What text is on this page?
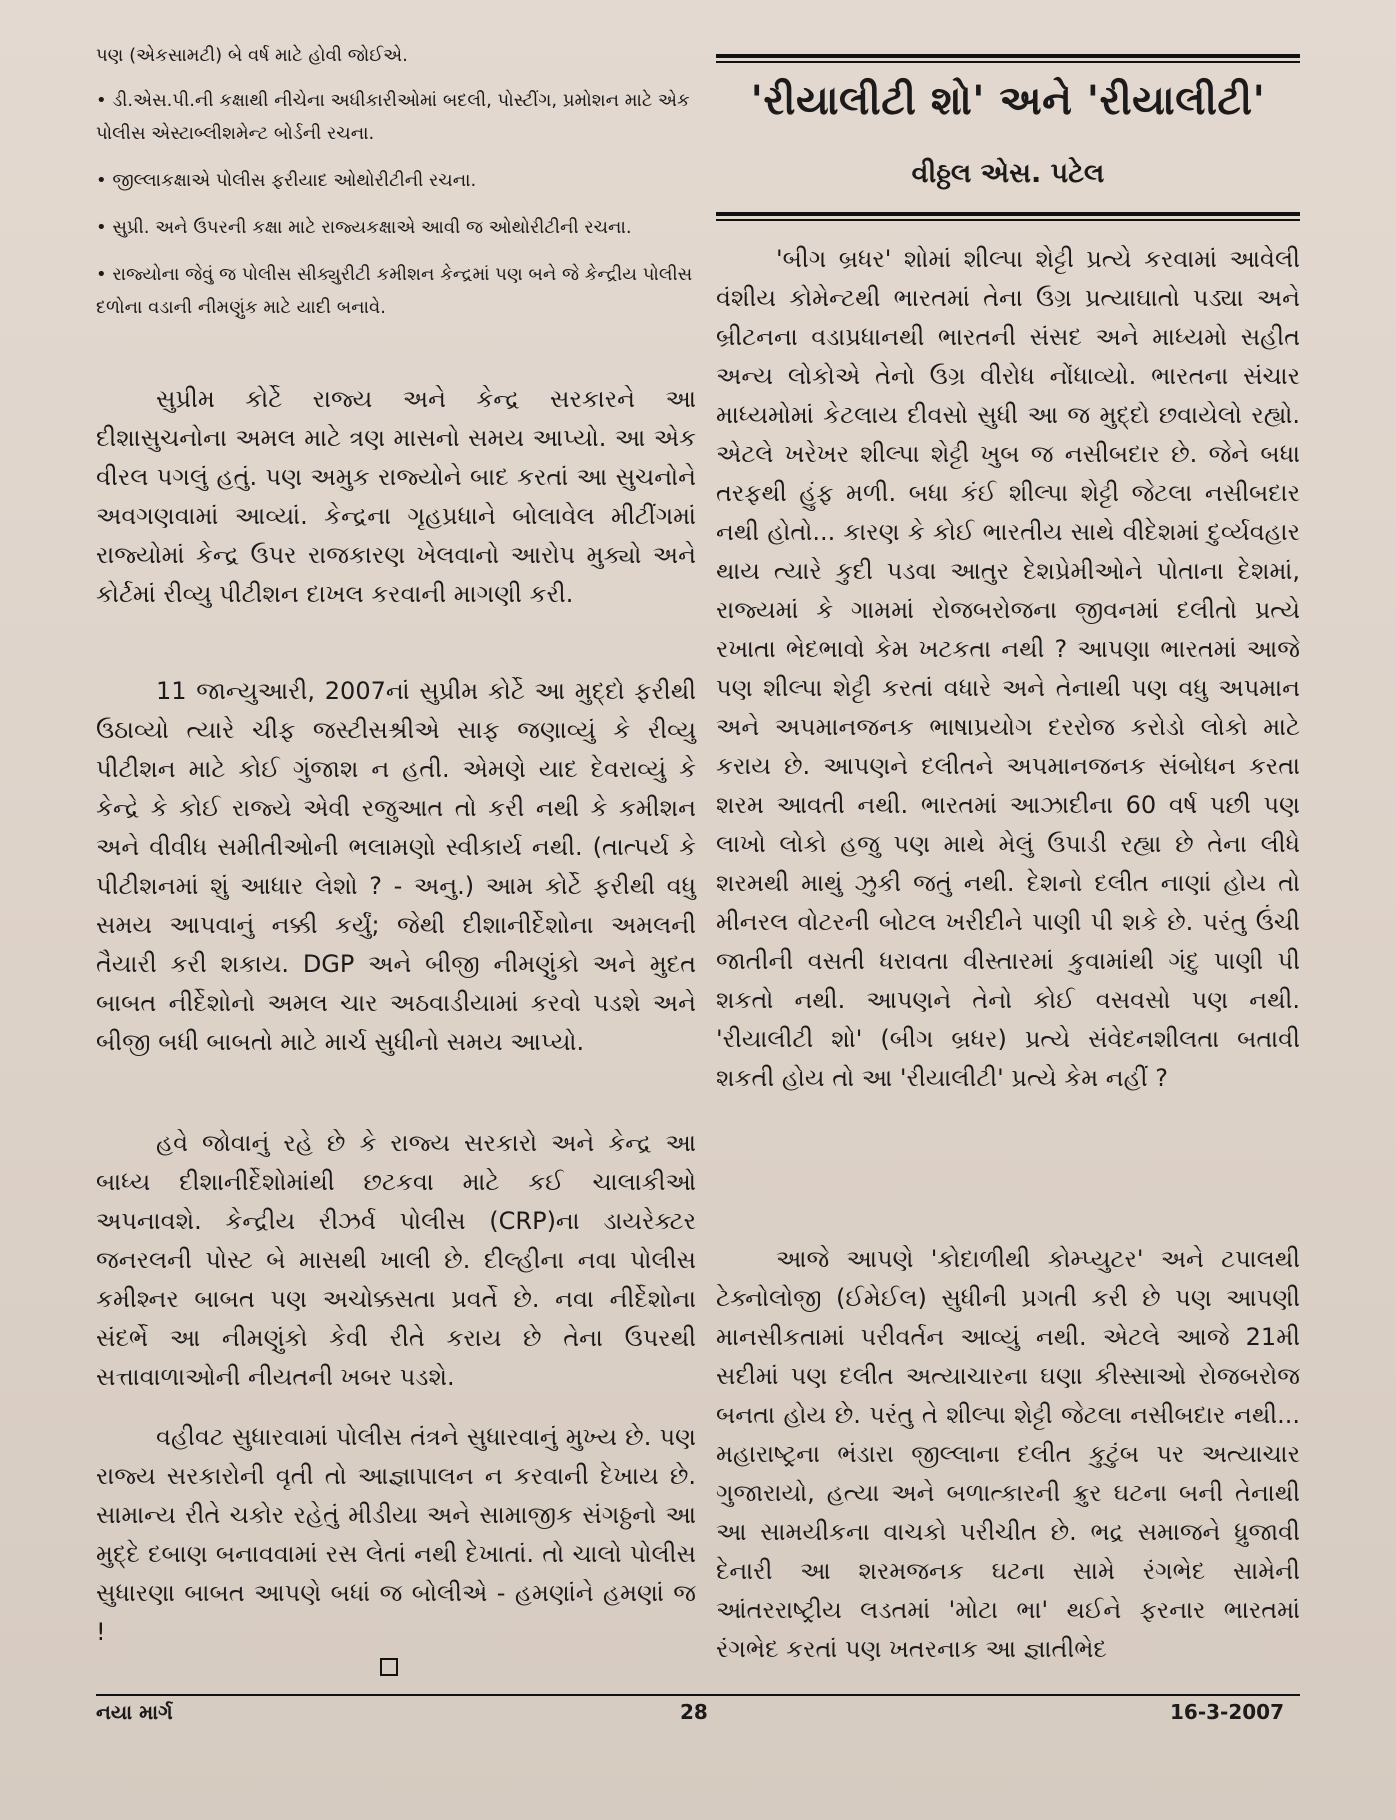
પણ (એકસામટી) બે વર્ષ માટે હોવી જોઈએ.

• ડી.એસ.પી.ની કક્ષાથી નીચેના અધીકારીઓમાં બદલી, પોસ્ટીંગ, પ્રમોશન માટે એક પોલીસ એસ્ટાબ્લીશમેન્ટ બોર્ડની રચના.

• જીલ્લાકક્ષાએ પોલીસ ફરીયાદ ઓથોરીટીની રચના.

• સુપ્રી. અને ઉપરની કક્ષા માટે રાજ્યકક્ષાએ આવી જ ઓથોરીટીની રચના.

• રાજ્યોના જેવું જ પોલીસ સીક્યુરીટી કમીશન કેન્દ્રમાં પણ બને જે કેન્દ્રીય પોલીસ દળોના વડાની નીમણુંક માટે યાદી બનાવે.

સુપ્રીમ કોર્ટે રાજ્ય અને કેન્દ્ર સરકારને આ દીશાસુચનોના અમલ માટે ત્રણ માસનો સમય આપ્યો. આ એક વીરલ પગલું હતું. પણ અમુક રાજ્યોને બાદ કરતાં આ સુચનોને અવગણવામાં આવ્યાં. કેન્દ્રના ગૃહપ્રધાને બોલાવેલ મીટીંગમાં રાજ્યોમાં કેન્દ્ર ઉપર રાજકારણ ખેલવાનો આરોપ મુક્યો અને કોર્ટમાં રીવ્યુ પીટીશન દાખલ કરવાની માગણી કરી.

11 જાન્યુઆરી, 2007નાં સુપ્રીમ કોર્ટે આ મુદ્દો ફરીથી ઉઠાવ્યો ત્યારે ચીફ જસ્ટીસશ્રીએ સાફ જણાવ્યું કે રીવ્યુ પીટીશન માટે કોઈ ગુંજાશ ન હતી. એમણે યાદ દેવરાવ્યું કે કેન્દ્રે કે કોઈ રાજ્યે એવી રજુઆત તો કરી નથી કે કમીશન અને વીવીધ સમીતીઓની ભલામણો સ્વીકાર્ય નથી. (તાત્પર્ય કે પીટીશનમાં શું આધાર લેશો ? - અનુ.) આમ કોર્ટે ફરીથી વધુ સમય આપવાનું નક્કી કર્યું; જેથી દીશાનીર્દેશોના અમલની તૈયારી કરી શકાય. DGP અને બીજી નીમણુંકો અને મુદત બાબત નીર્દેશોનો અમલ ચાર અઠવાડીયામાં કરવો પડશે અને બીજી બધી બાબતો માટે માર્ચ સુધીનો સમય આપ્યો.

હવે જોવાનું રહે છે કે રાજ્ય સરકારો અને કેન્દ્ર આ બાધ્ય દીશાનીર્દેશોમાંથી છટકવા માટે કઈ ચાલાકીઓ અપનાવશે. કેન્દ્રીય રીઝર્વ પોલીસ (CRP)ના ડાયરેક્ટર જનરલની પોસ્ટ બે માસથી ખાલી છે. દીલ્હીના નવા પોલીસ કમીશ્નર બાબત પણ અચોક્કસતા પ્રવર્તે છે. નવા નીર્દેશોના સંદર્ભે આ નીમણુંકો કેવી રીતે કરાય છે તેના ઉપરથી સત્તાવાળાઓની નીયતની ખબર પડશે.

વહીવટ સુધારવામાં પોલીસ તંત્રને સુધારવાનું મુખ્ય છે. પણ રાજ્ય સરકારોની વૃતી તો આજ્ઞાપાલન ન કરવાની દેખાય છે. સામાન્ય રીતે ચકોર રહેતું મીડીયા અને સામાજીક સંગઠ્ઠનો આ મુદ્દે દબાણ બનાવવામાં રસ લેતાં નથી દેખાતાં. તો ચાલો પોલીસ સુધારણા બાબત આપણે બધાં જ બોલીએ - હમણાંને હમણાં જ !

'રીયાલીટી શો' અને 'રીયાલીટી'
વીઠ્ઠલ એસ. પટેલ

'બીગ બ્રધર' શોમાં શીલ્પા શેટ્ટી પ્રત્યે કરવામાં આવેલી વંશીય કોમેન્ટથી ભારતમાં તેના ઉગ્ર પ્રત્યાઘાતો પડ્યા અને બ્રીટનના વડાપ્રધાનથી ભારતની સંસદ અને માધ્યમો સહીત અન્ય લોકોએ તેનો ઉગ્ર વીરોધ નોંધાવ્યો. ભારતના સંચાર માધ્યમોમાં કેટલાય દીવસો સુધી આ જ મુદ્દો છવાયેલો રહ્યો. એટલે ખરેખર શીલ્પા શેટ્ટી ખુબ જ નસીબદાર છે. જેને બધા તરફથી હુંફ મળી. બધા કંઈ શીલ્પા શેટ્ટી જેટલા નસીબદાર નથી હોતો... કારણ કે કોઈ ભારતીય સાથે વીદેશમાં દુર્વ્યવહાર થાય ત્યારે કુદી પડવા આતુર દેશપ્રેમીઓને પોતાના દેશમાં, રાજ્યમાં કે ગામમાં રોજબરોજના જીવનમાં દલીતો પ્રત્યે રખાતા ભેદભાવો કેમ ખટકતા નથી ? આપણા ભારતમાં આજે પણ શીલ્પા શેટ્ટી કરતાં વધારે અને તેનાથી પણ વધુ અપમાન અને અપમાનજનક ભાષાપ્રયોગ દરરોજ કરોડો લોકો માટે કરાય છે. આપણને દલીતને અપમાનજનક સંબોધન કરતા શરમ આવતી નથી. ભારતમાં આઝાદીના 60 વર્ષ પછી પણ લાખો લોકો હજુ પણ માથે મેલું ઉપાડી રહ્યા છે તેના લીધે શરમથી માથું ઝુકી જતું નથી. દેશનો દલીત નાણાં હોય તો મીનરલ વોટરની બોટલ ખરીદીને પાણી પી શકે છે. પરંતુ ઉંચી જાતીની વસતી ધરાવતા વીસ્તારમાં કુવામાંથી ગંદુ પાણી પી શકતો નથી. આપણને તેનો કોઈ વસવસો પણ નથી. 'રીયાલીટી શો' (બીગ બ્રધર) પ્રત્યે સંવેદનશીલતા બતાવી શકતી હોય તો આ 'રીયાલીટી' પ્રત્યે કેમ નહીં ?

આજે આપણે 'કોદાળીથી કોમ્પ્યુટર' અને ટપાલથી ટેક્નોલોજી (ઈમેઈલ) સુધીની પ્રગતી કરી છે પણ આપણી માનસીકતામાં પરીવર્તન આવ્યું નથી. એટલે આજે 21મી સદીમાં પણ દલીત અત્યાચારના ઘણા કીસ્સાઓ રોજબરોજ બનતા હોય છે. પરંતુ તે શીલ્પા શેટ્ટી જેટલા નસીબદાર નથી... મહારાષ્ટ્રના ભંડારા જીલ્લાના દલીત કુટુંબ પર અત્યાચાર ગુજારાયો, હત્યા અને બળાત્કારની ક્રુર ઘટના બની તેનાથી આ સામયીકના વાચકો પરીચીત છે. ભદ્ર સમાજને ધ્રુજાવી દેનારી આ શરમજનક ઘટના સામે રંગભેદ સામેની આંતરરાષ્ટ્રીય લડતમાં 'મોટા ભા' થઈને ફરનાર ભારતમાં રંગભેદ કરતાં પણ ખતરનાક આ જ્ઞાતીભેદ

નયા માર્ગ	28	16-3-2007
